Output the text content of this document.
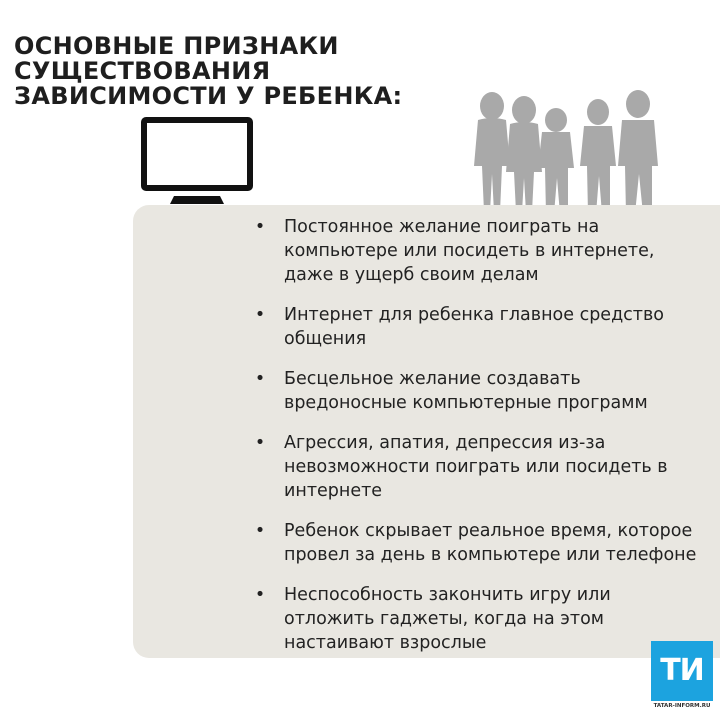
ОСНОВНЫЕ ПРИЗНАКИ
СУЩЕСТВОВАНИЯ
ЗАВИСИМОСТИ У РЕБЕНКА:
• Постоянное желание поиграть на
компьютере или посидеть в интернете,
даже в ущерб своим делам
• Интернет для ребенка главное средство
общения
• Бесцельное желание создавать
вредоносные компьютерные программ
• Агрессия, апатия, депрессия из-за
невозможности поиграть или посидеть в
интернете
• Ребенок скрывает реальное время, которое
провел за день в компьютере или телефоне
• Неспособность закончить игру или
отложить гаджеты, когда на этом
настаивают взрослые
ТИ
TATAR-INFORM.RU
